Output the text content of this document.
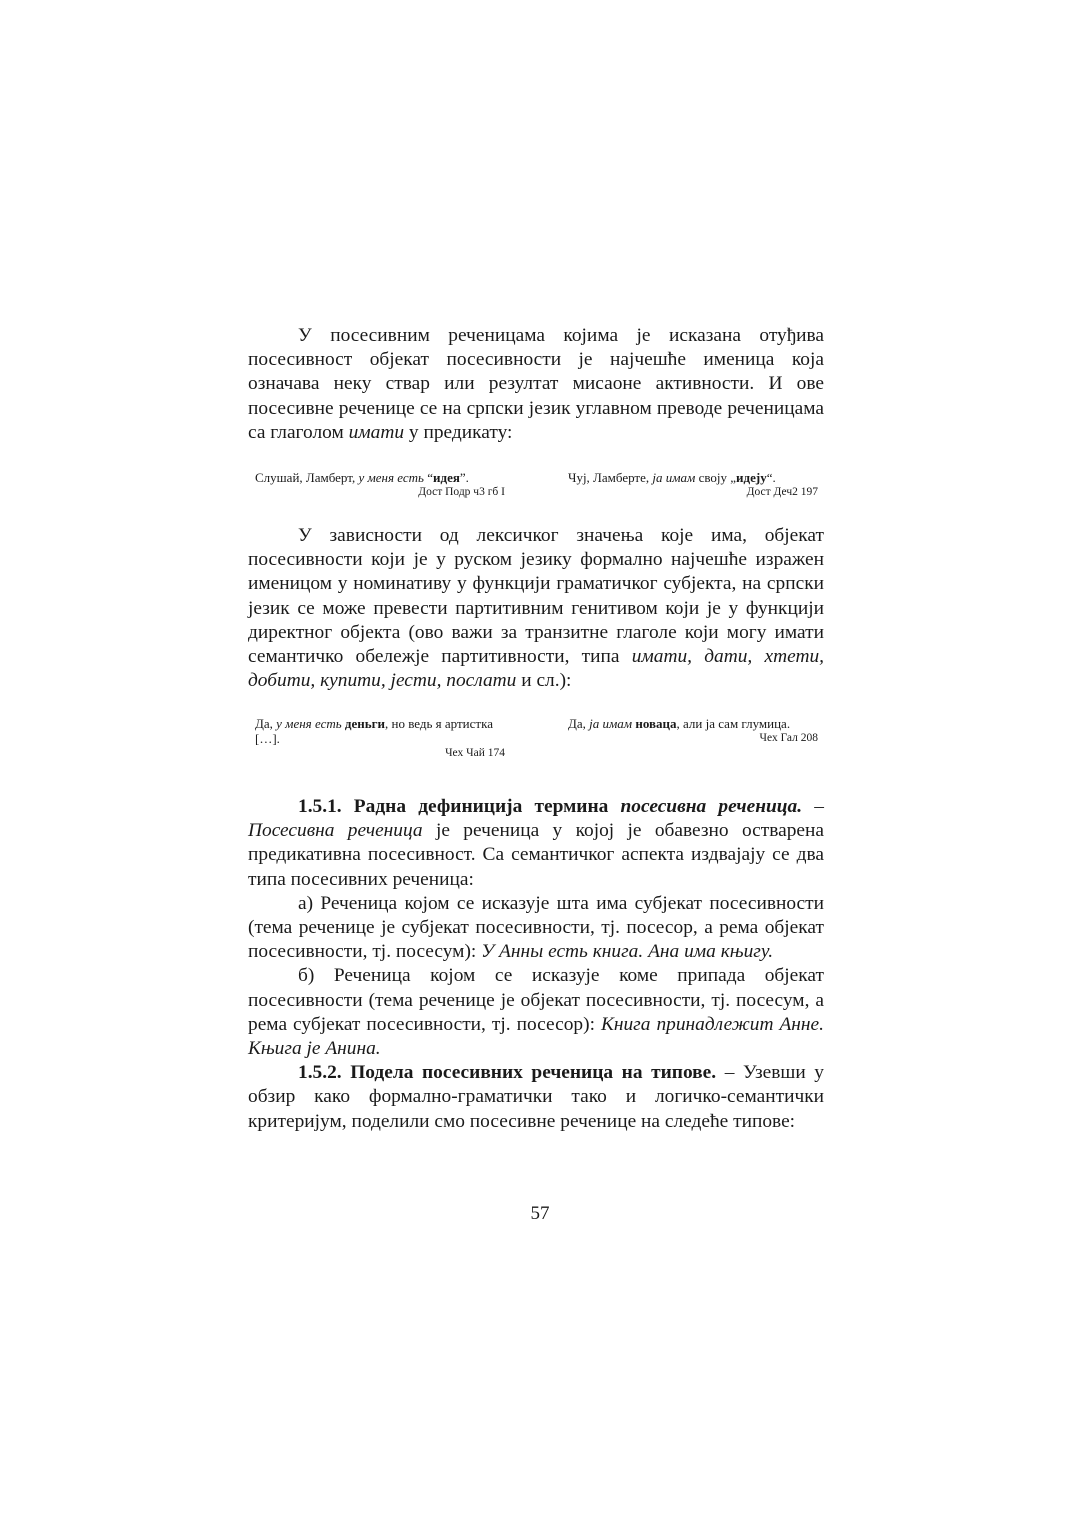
У посесивним реченицама којима је исказана отуђива посесивност објекат посесивности је најчешће именица која означава неку ствар или резултат мисаоне активности. И ове посесивне реченице се на српски језик углавном преводе реченицама са глаголом имати у предикату:

Слушай, Ламберт, у меня есть “идея”.
Дост Подр ч3 гб I
Чуј, Ламберте, ја имам своју „идеју“.
Дост Деч2 197

У зависности од лексичког значења које има, објекат посесивности који је у руском језику формално најчешће изражен именицом у номинативу у функцији граматичког субјекта, на српски језик се може превести партитивним генитивом који је у функцији директног објекта (ово важи за транзитне глаголе који могу имати семантичко обележје партитивности, типа имати, дати, хтети, добити, купити, јести, послати и сл.):

Да, у меня есть деньги, но ведь я артистка […].
Чех Чай 174
Да, ја имам новаца, али ја сам глумица.
Чех Гал 208

1.5.1. Радна дефиниција термина посесивна реченица. – Посесивна реченица је реченица у којој је обавезно остварена предикативна посесивност. Са семантичког аспекта издвајају се два типа посесивних реченица:

а) Реченица којом се исказује шта има субјекат посесивности (тема реченице је субјекат посесивности, тј. посесор, а рема објекат посесивности, тј. посесум): У Анны есть книга. Ана има књигу.

б) Реченица којом се исказује коме припада објекат посесивности (тема реченице је објекат посесивности, тј. посесум, а рема субјекат посесивности, тј. посесор): Книга принадлежит Анне. Књига је Анина.

1.5.2. Подела посесивних реченица на типове. – Узевши у обзир како формално-граматички тако и логичко-семантички критеријум, поделили смо посесивне реченице на следеће типове:

57
